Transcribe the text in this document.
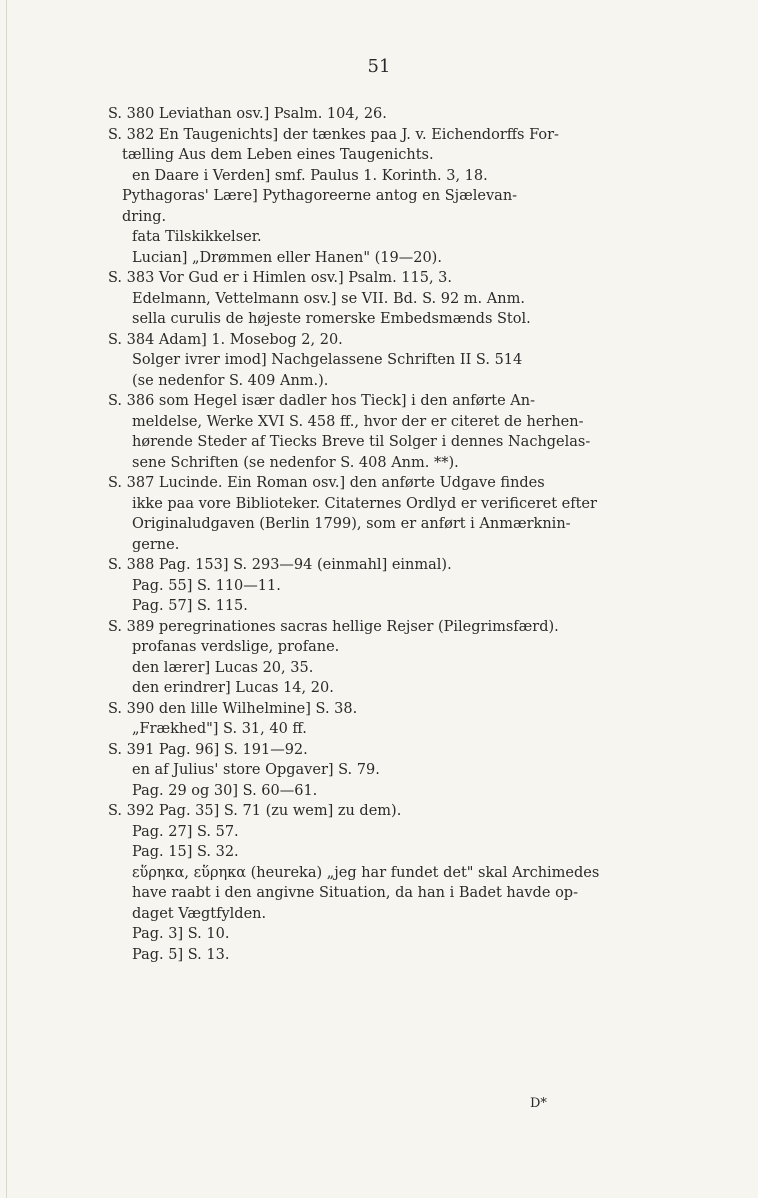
51
S. 380 Leviathan osv.] Psalm. 104, 26.
S. 382 En Taugenichts] der tænkes paa J. v. Eichendorffs For-
tælling Aus dem Leben eines Taugenichts.
en Daare i Verden] smf. Paulus 1. Korinth. 3, 18.
Pythagoras' Lære] Pythagoreerne antog en Sjælevan-
dring.
fata Tilskikkelser.
Lucian] „Drømmen eller Hanen" (19—20).
S. 383 Vor Gud er i Himlen osv.] Psalm. 115, 3.
Edelmann, Vettelmann osv.] se VII. Bd. S. 92 m. Anm.
sella curulis de højeste romerske Embedsmænds Stol.
S. 384 Adam] 1. Mosebog 2, 20.
Solger ivrer imod] Nachgelassene Schriften II S. 514
(se nedenfor S. 409 Anm.).
S. 386 som Hegel især dadler hos Tieck] i den anførte An-
meldelse, Werke XVI S. 458 ff., hvor der er citeret de herhen-
hørende Steder af Tiecks Breve til Solger i dennes Nachgelas-
sene Schriften (se nedenfor S. 408 Anm. **).
S. 387 Lucinde. Ein Roman osv.] den anførte Udgave findes
ikke paa vore Biblioteker. Citaternes Ordlyd er verificeret efter
Originaludgaven (Berlin 1799), som er anført i Anmærknin-
gerne.
S. 388 Pag. 153] S. 293—94 (einmahl] einmal).
Pag. 55] S. 110—11.
Pag. 57] S. 115.
S. 389 peregrinationes sacras hellige Rejser (Pilegrimsfærd).
profanas verdslige, profane.
den lærer] Lucas 20, 35.
den erindrer] Lucas 14, 20.
S. 390 den lille Wilhelmine] S. 38.
„Frækhed"] S. 31, 40 ff.
S. 391 Pag. 96] S. 191—92.
en af Julius' store Opgaver] S. 79.
Pag. 29 og 30] S. 60—61.
S. 392 Pag. 35] S. 71 (zu wem] zu dem).
Pag. 27] S. 57.
Pag. 15] S. 32.
εὕρηκα, εὕρηκα (heureka) „jeg har fundet det" skal Archimedes
have raabt i den angivne Situation, da han i Badet havde op-
daget Vægtfylden.
Pag. 3] S. 10.
Pag. 5] S. 13.
D*
